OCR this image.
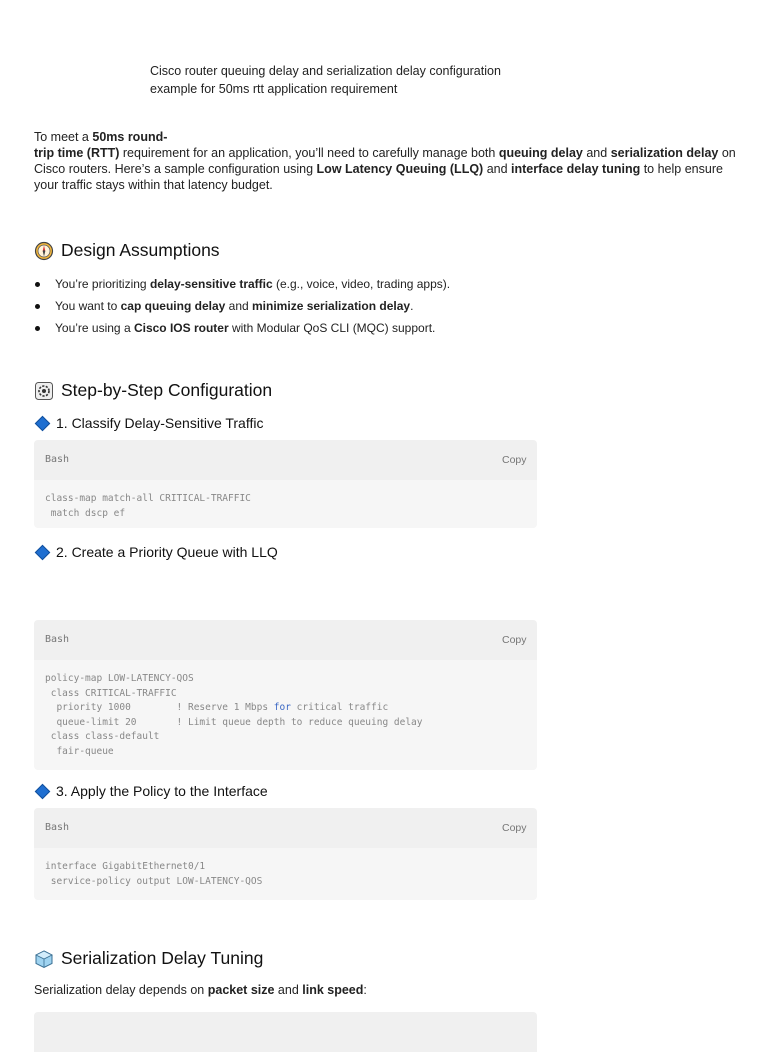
Cisco router queuing delay and serialization delay configuration
example for 50ms rtt application requirement

To meet a 50ms round-
trip time (RTT) requirement for an application, you’ll need to carefully manage both queuing delay and serialization delay on Cisco routers. Here’s a sample configuration using Low Latency Queuing (LLQ) and interface delay tuning to help ensure your traffic stays within that latency budget.

Design Assumptions
You’re prioritizing delay-sensitive traffic (e.g., voice, video, trading apps).
You want to cap queuing delay and minimize serialization delay.
You’re using a Cisco IOS router with Modular QoS CLI (MQC) support.
Step-by-Step Configuration
1. Classify Delay-Sensitive Traffic
Bash	Copy
class-map match-all CRITICAL-TRAFFIC
match dscp ef
2. Create a Priority Queue with LLQ
Bash	Copy
policy-map LOW-LATENCY-QOS
class CRITICAL-TRAFFIC
priority 1000        ! Reserve 1 Mbps for critical traffic
queue-limit 20       ! Limit queue depth to reduce queuing delay
class class-default
fair-queue
3. Apply the Policy to the Interface
Bash	Copy
interface GigabitEthernet0/1
service-policy output LOW-LATENCY-QOS
Serialization Delay Tuning

Serialization delay depends on packet size and link speed:
